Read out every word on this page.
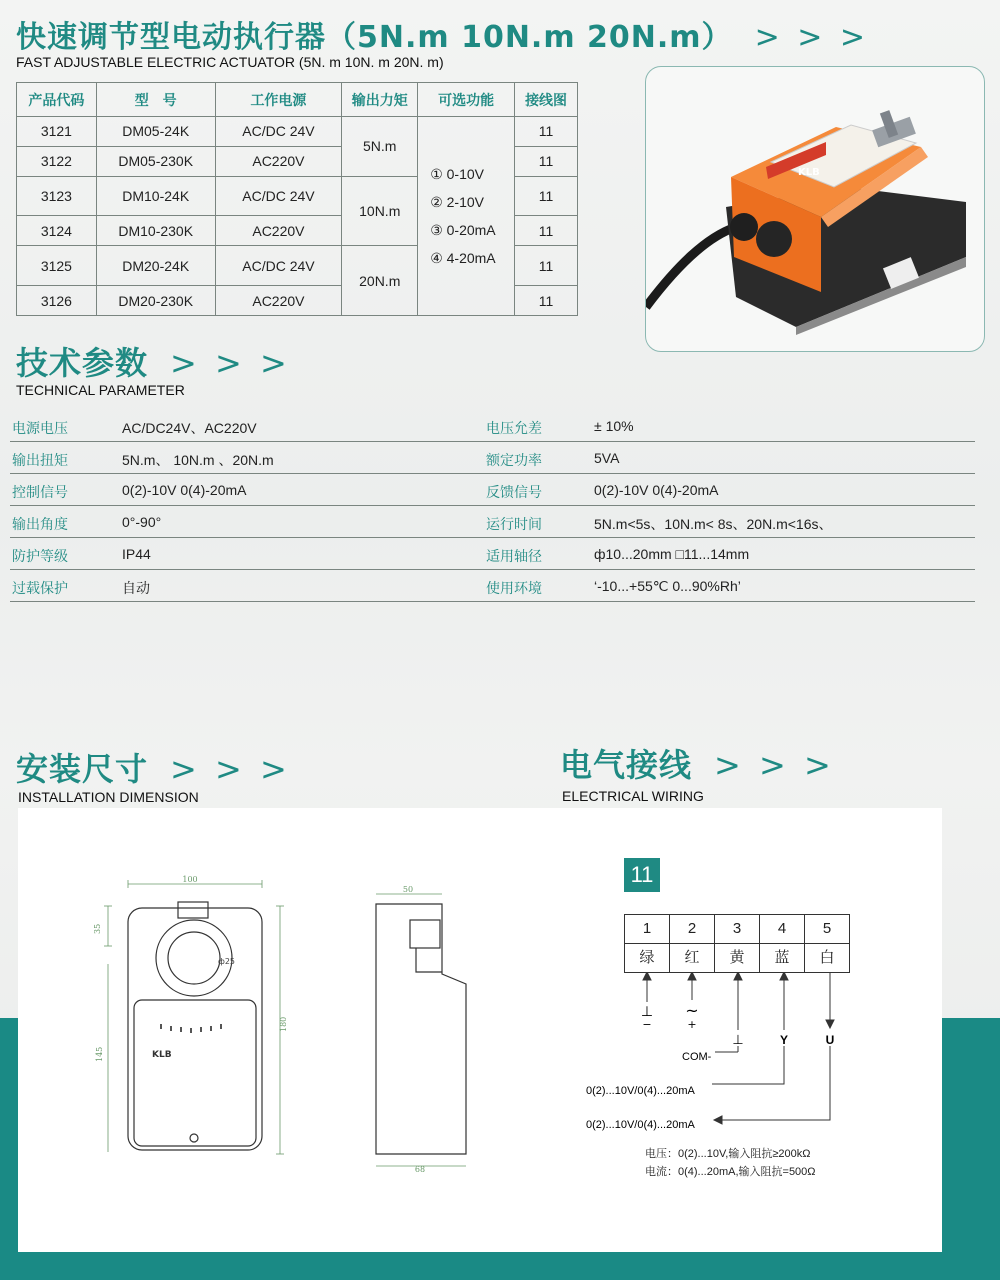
快速调节型电动执行器（5N.m 10N.m 20N.m） > > >
FAST ADJUSTABLE ELECTRIC ACTUATOR (5N. m 10N. m 20N. m)
产品代码	型　号	工作电源	输出力矩	可选功能	接线图
3121	DM05-24K	AC/DC 24V	5N.m	① 0-10V
② 2-10V
③ 0-20mA
④ 4-20mA	11
3122	DM05-230K	AC220V			11
3123	DM10-24K	AC/DC 24V	10N.m		11
3124	DM10-230K	AC220V			11
3125	DM20-24K	AC/DC 24V	20N.m		11
3126	DM20-230K	AC220V			11
KLB
技术参数 > > >
TECHNICAL PARAMETER
电源电压	AC/DC24V、AC220V	电压允差	± 10%
输出扭矩	5N.m、 10N.m 、20N.m	额定功率	5VA
控制信号	0(2)-10V 0(4)-20mA	反馈信号	0(2)-10V 0(4)-20mA
输出角度	0°-90°	运行时间	5N.m<5s、10N.m< 8s、20N.m<16s、
防护等级	IP44	适用轴径	ф10...20mm □11...14mm
过载保护	自动	使用环境	‘-10...+55℃ 0...90%Rh’
安装尺寸 > > >
INSTALLATION DIMENSION
电气接线 > > >
ELECTRICAL WIRING
100
35
180
145
ф25
KLB
50
68
11
1	2	3	4	5
绿	红	黄	蓝	白
⊥
−
~
+
⊥	Y	U
COM-
0(2)...10V/0(4)...20mA
0(2)...10V/0(4)...20mA
电压：0(2)...10V,输入阻抗≥200kΩ
电流：0(4)...20mA,输入阻抗=500Ω
